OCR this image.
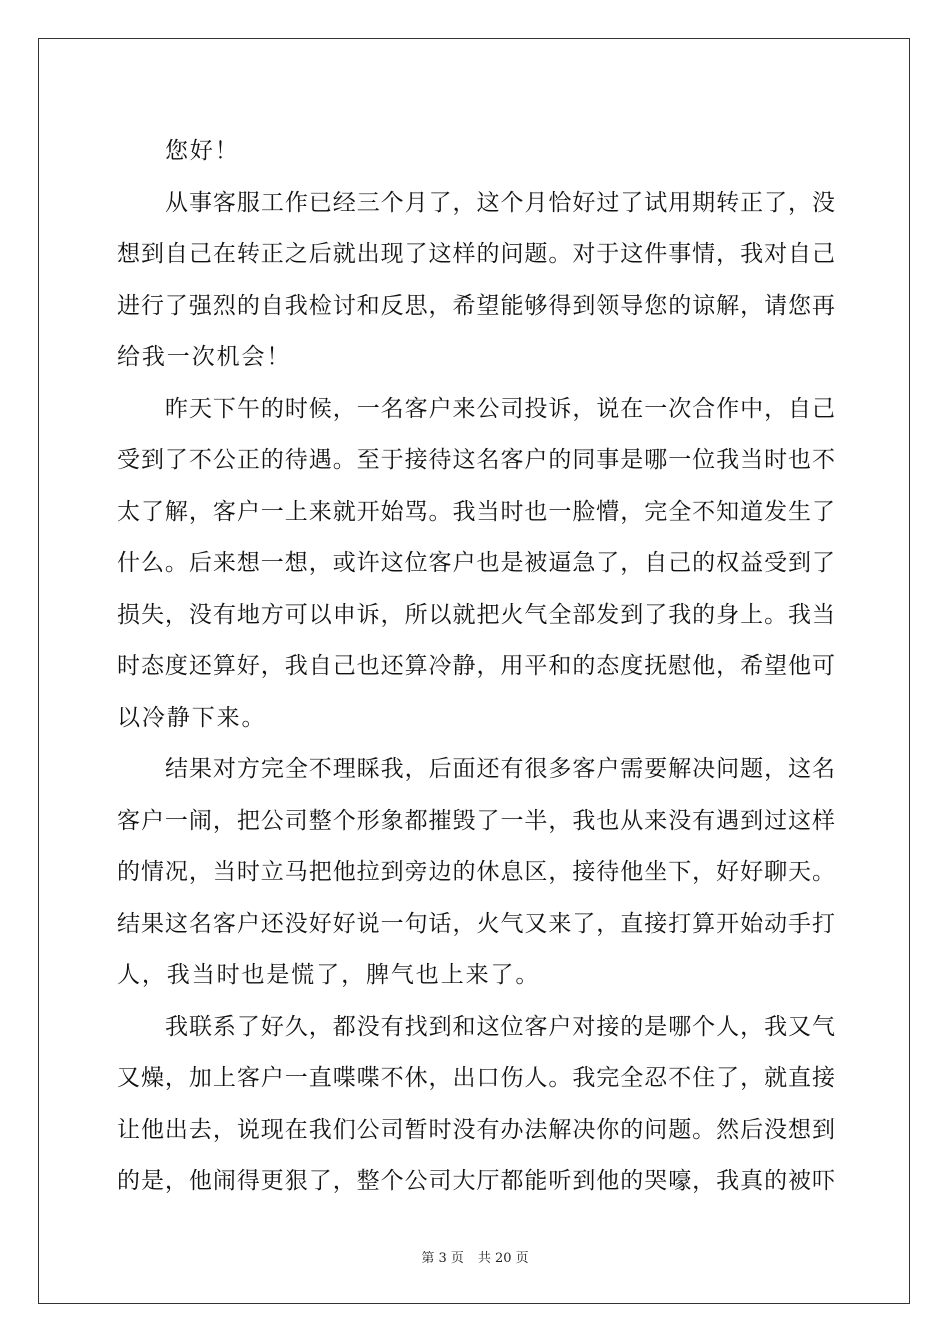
您好！
从事客服工作已经三个月了，这个月恰好过了试用期转正了，没
想到自己在转正之后就出现了这样的问题。对于这件事情，我对自己
进行了强烈的自我检讨和反思，希望能够得到领导您的谅解，请您再
给我一次机会！
昨天下午的时候，一名客户来公司投诉，说在一次合作中，自己
受到了不公正的待遇。至于接待这名客户的同事是哪一位我当时也不
太了解，客户一上来就开始骂。我当时也一脸懵，完全不知道发生了
什么。后来想一想，或许这位客户也是被逼急了，自己的权益受到了
损失，没有地方可以申诉，所以就把火气全部发到了我的身上。我当
时态度还算好，我自己也还算冷静，用平和的态度抚慰他，希望他可
以冷静下来。
结果对方完全不理睬我，后面还有很多客户需要解决问题，这名
客户一闹，把公司整个形象都摧毁了一半，我也从来没有遇到过这样
的情况，当时立马把他拉到旁边的休息区，接待他坐下，好好聊天。
结果这名客户还没好好说一句话，火气又来了，直接打算开始动手打
人，我当时也是慌了，脾气也上来了。
我联系了好久，都没有找到和这位客户对接的是哪个人，我又气
又燥，加上客户一直喋喋不休，出口伤人。我完全忍不住了，就直接
让他出去，说现在我们公司暂时没有办法解决你的问题。然后没想到
的是，他闹得更狠了，整个公司大厅都能听到他的哭嚎，我真的被吓
第 3 页 共 20 页
